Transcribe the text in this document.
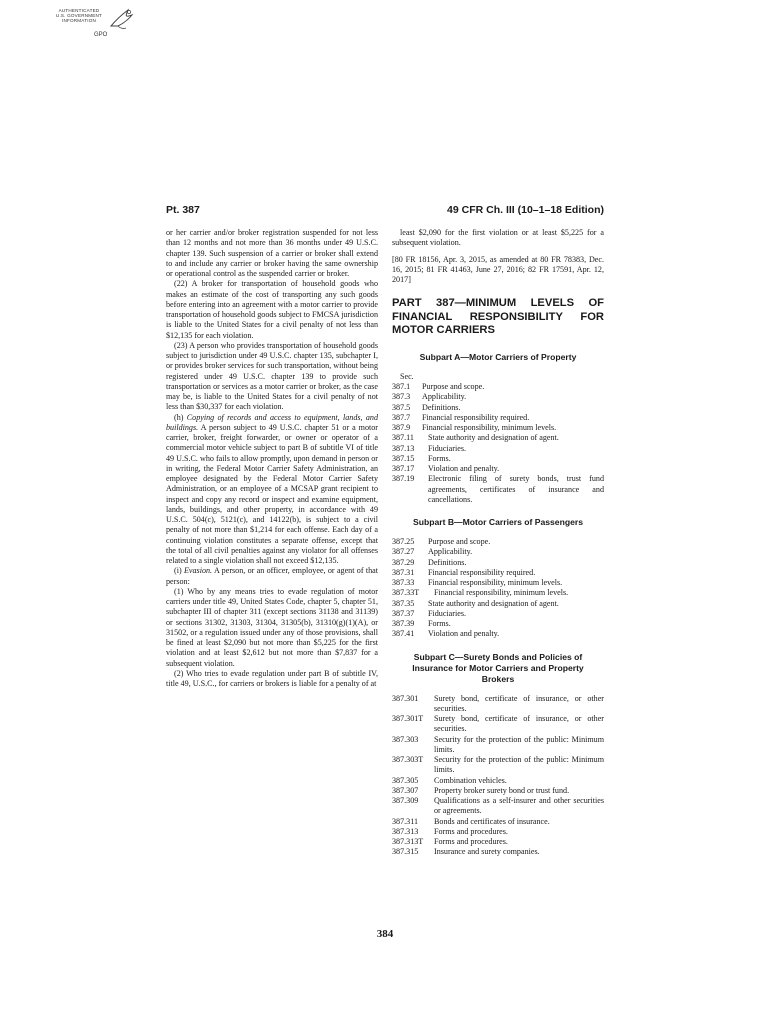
AUTHENTICATED
U.S. GOVERNMENT
INFORMATION
GPO
Pt. 387	49 CFR Ch. III (10–1–18 Edition)

or her carrier and/or broker registration suspended for not less than 12 months and not more than 36 months under 49 U.S.C. chapter 139. Such suspension of a carrier or broker shall extend to and include any carrier or broker having the same ownership or operational control as the suspended carrier or broker.

(22) A broker for transportation of household goods who makes an estimate of the cost of transporting any such goods before entering into an agreement with a motor carrier to provide transportation of household goods subject to FMCSA jurisdiction is liable to the United States for a civil penalty of not less than $12,135 for each violation.

(23) A person who provides transportation of household goods subject to jurisdiction under 49 U.S.C. chapter 135, subchapter I, or provides broker services for such transportation, without being registered under 49 U.S.C. chapter 139 to provide such transportation or services as a motor carrier or broker, as the case may be, is liable to the United States for a civil penalty of not less than $30,337 for each violation.

(h) Copying of records and access to equipment, lands, and buildings. A person subject to 49 U.S.C. chapter 51 or a motor carrier, broker, freight forwarder, or owner or operator of a commercial motor vehicle subject to part B of subtitle VI of title 49 U.S.C. who fails to allow promptly, upon demand in person or in writing, the Federal Motor Carrier Safety Administration, an employee designated by the Federal Motor Carrier Safety Administration, or an employee of a MCSAP grant recipient to inspect and copy any record or inspect and examine equipment, lands, buildings, and other property, in accordance with 49 U.S.C. 504(c), 5121(c), and 14122(b), is subject to a civil penalty of not more than $1,214 for each offense. Each day of a continuing violation constitutes a separate offense, except that the total of all civil penalties against any violator for all offenses related to a single violation shall not exceed $12,135.

(i) Evasion. A person, or an officer, employee, or agent of that person:

(1) Who by any means tries to evade regulation of motor carriers under title 49, United States Code, chapter 5, chapter 51, subchapter III of chapter 311 (except sections 31138 and 31139) or sections 31302, 31303, 31304, 31305(b), 31310(g)(1)(A), or 31502, or a regulation issued under any of those provisions, shall be fined at least $2,090 but not more than $5,225 for the first violation and at least $2,612 but not more than $7,837 for a subsequent violation.

(2) Who tries to evade regulation under part B of subtitle IV, title 49, U.S.C., for carriers or brokers is liable for a penalty of at

least $2,090 for the first violation or at least $5,225 for a subsequent violation.

[80 FR 18156, Apr. 3, 2015, as amended at 80 FR 78383, Dec. 16, 2015; 81 FR 41463, June 27, 2016; 82 FR 17591, Apr. 12, 2017]

PART 387—MINIMUM LEVELS OF FINANCIAL RESPONSIBILITY FOR MOTOR CARRIERS
Subpart A—Motor Carriers of Property

Sec.

387.1	Purpose and scope.
387.3	Applicability.
387.5	Definitions.
387.7	Financial responsibility required.
387.9	Financial responsibility, minimum levels.
387.11	State authority and designation of agent.
387.13	Fiduciaries.
387.15	Forms.
387.17	Violation and penalty.
387.19	Electronic filing of surety bonds, trust fund agreements, certificates of insurance and cancellations.
Subpart B—Motor Carriers of Passengers
387.25	Purpose and scope.
387.27	Applicability.
387.29	Definitions.
387.31	Financial responsibility required.
387.33	Financial responsibility, minimum levels.
387.33T	Financial responsibility, minimum levels.
387.35	State authority and designation of agent.
387.37	Fiduciaries.
387.39	Forms.
387.41	Violation and penalty.
Subpart C—Surety Bonds and Policies of Insurance for Motor Carriers and Property Brokers
387.301	Surety bond, certificate of insurance, or other securities.
387.301T	Surety bond, certificate of insurance, or other securities.
387.303	Security for the protection of the public: Minimum limits.
387.303T	Security for the protection of the public: Minimum limits.
387.305	Combination vehicles.
387.307	Property broker surety bond or trust fund.
387.309	Qualifications as a self-insurer and other securities or agreements.
387.311	Bonds and certificates of insurance.
387.313	Forms and procedures.
387.313T	Forms and procedures.
387.315	Insurance and surety companies.
384
